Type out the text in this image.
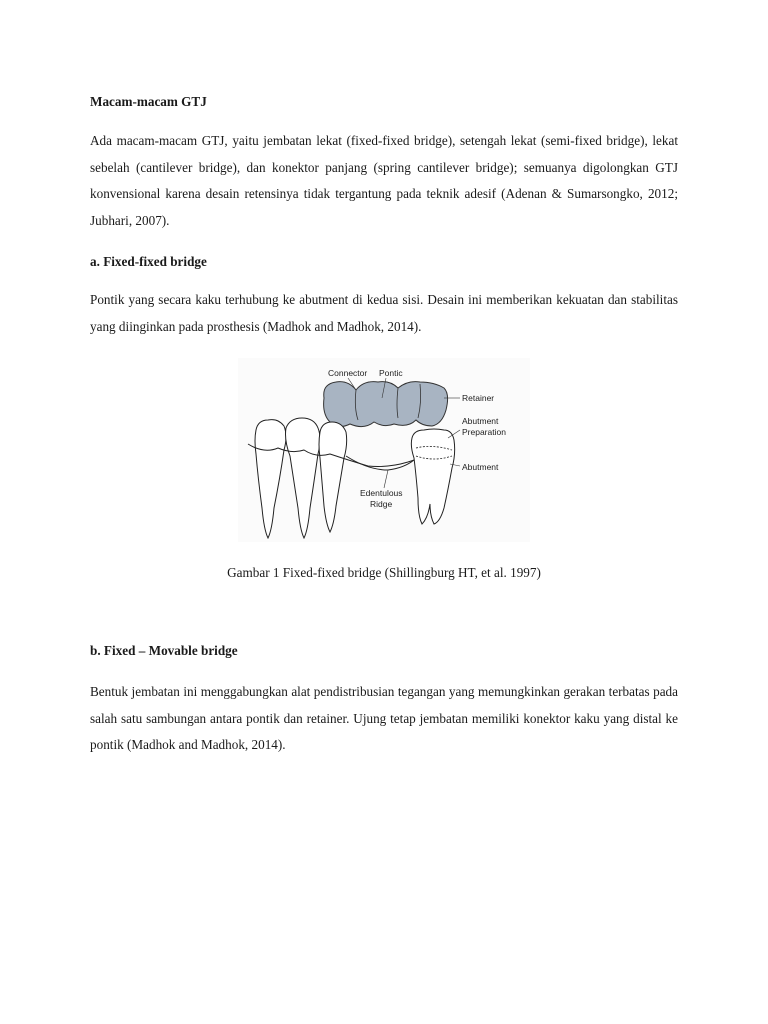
Macam-macam GTJ
Ada macam-macam GTJ, yaitu jembatan lekat (fixed-fixed bridge), setengah lekat (semi-fixed bridge), lekat sebelah (cantilever bridge), dan konektor panjang (spring cantilever bridge); semuanya digolongkan GTJ konvensional karena desain retensinya tidak tergantung pada teknik adesif (Adenan & Sumarsongko, 2012; Jubhari, 2007).
a. Fixed-fixed bridge
Pontik yang secara kaku terhubung ke abutment di kedua sisi. Desain ini memberikan kekuatan dan stabilitas yang diinginkan pada prosthesis (Madhok and Madhok, 2014).
Connector Pontic
Retainer
Abutment
Preparation
Abutment
Edentulous
Ridge
Gambar 1 Fixed-fixed bridge (Shillingburg HT, et al. 1997)
b. Fixed – Movable bridge
Bentuk jembatan ini menggabungkan alat pendistribusian tegangan yang memungkinkan gerakan terbatas pada salah satu sambungan antara pontik dan retainer. Ujung tetap jembatan memiliki konektor kaku yang distal ke pontik (Madhok and Madhok, 2014).
